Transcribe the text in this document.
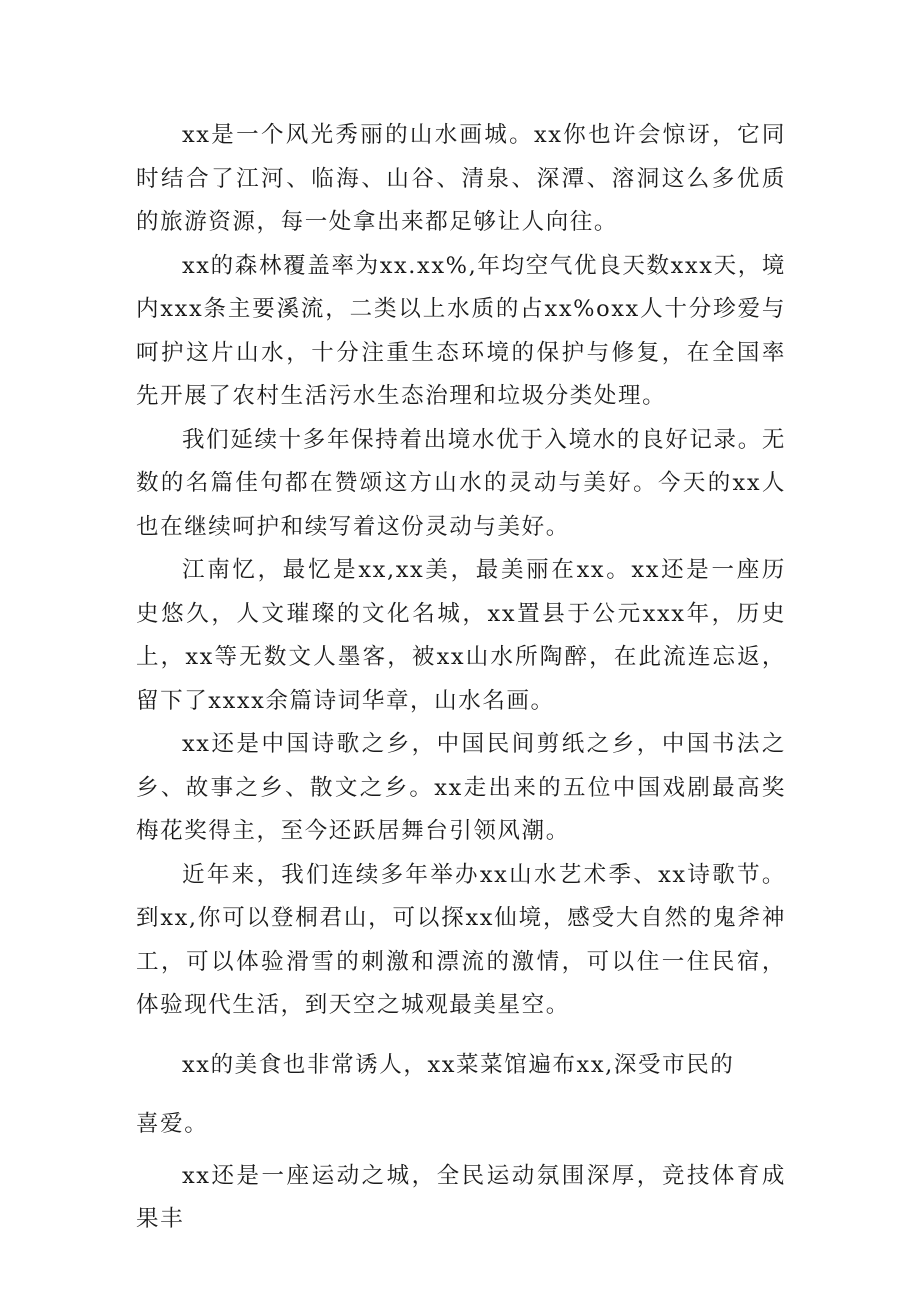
xx是一个风光秀丽的山水画城。xx你也许会惊讶，它同时结合了江河、临海、山谷、清泉、深潭、溶洞这么多优质的旅游资源，每一处拿出来都足够让人向往。

xx的森林覆盖率为xx.xx%,年均空气优良天数xxx天，境内xxx条主要溪流，二类以上水质的占xx%oxx人十分珍爱与呵护这片山水，十分注重生态环境的保护与修复，在全国率先开展了农村生活污水生态治理和垃圾分类处理。

我们延续十多年保持着出境水优于入境水的良好记录。无数的名篇佳句都在赞颂这方山水的灵动与美好。今天的xx人也在继续呵护和续写着这份灵动与美好。

江南忆，最忆是xx,xx美，最美丽在xx。xx还是一座历史悠久，人文璀璨的文化名城，xx置县于公元xxx年，历史上，xx等无数文人墨客，被xx山水所陶醉，在此流连忘返，留下了xxxx余篇诗词华章，山水名画。

xx还是中国诗歌之乡，中国民间剪纸之乡，中国书法之乡、故事之乡、散文之乡。xx走出来的五位中国戏剧最高奖梅花奖得主，至今还跃居舞台引领风潮。

近年来，我们连续多年举办xx山水艺术季、xx诗歌节。到xx,你可以登桐君山，可以探xx仙境，感受大自然的鬼斧神工，可以体验滑雪的刺激和漂流的激情，可以住一住民宿，体验现代生活，到天空之城观最美星空。

xx的美食也非常诱人，xx菜菜馆遍布xx,深受市民的

喜爱。

xx还是一座运动之城，全民运动氛围深厚，竞技体育成果丰
